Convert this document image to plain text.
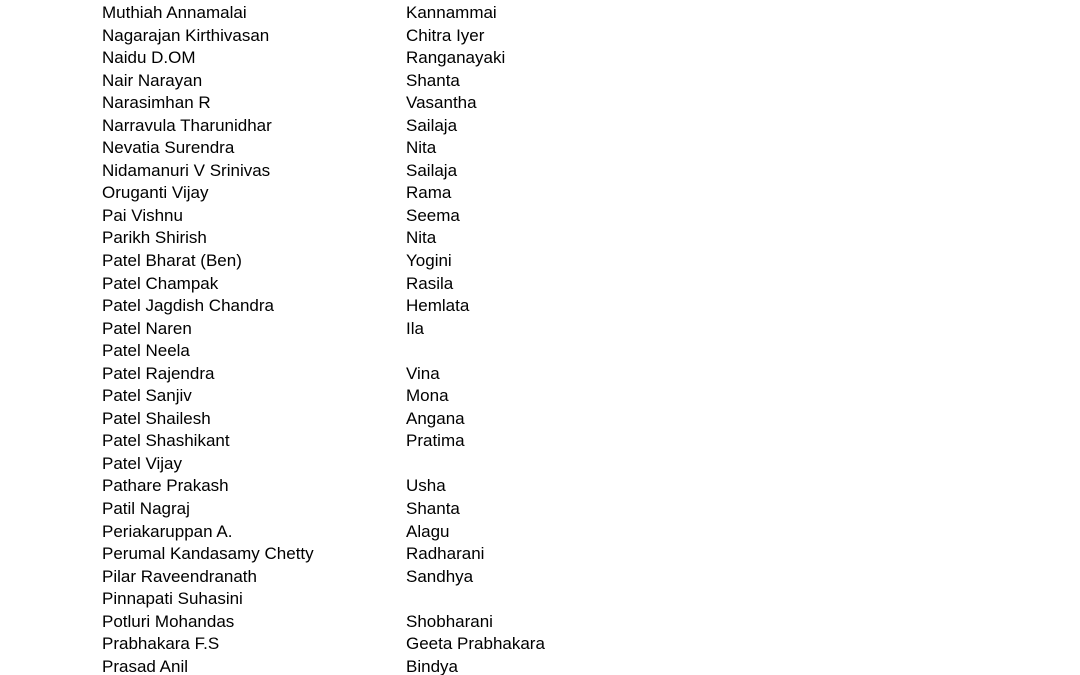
Muthiah Annamalai	Kannammai
Nagarajan Kirthivasan	Chitra Iyer
Naidu D.OM	Ranganayaki
Nair Narayan	Shanta
Narasimhan R	Vasantha
Narravula Tharunidhar	Sailaja
Nevatia Surendra	Nita
Nidamanuri V Srinivas	Sailaja
Oruganti Vijay	Rama
Pai Vishnu	Seema
Parikh Shirish	Nita
Patel Bharat (Ben)	Yogini
Patel Champak	Rasila
Patel Jagdish Chandra	Hemlata
Patel Naren	Ila
Patel Neela
Patel Rajendra	Vina
Patel Sanjiv	Mona
Patel Shailesh	Angana
Patel Shashikant	Pratima
Patel Vijay
Pathare Prakash	Usha
Patil Nagraj	Shanta
Periakaruppan A.	Alagu
Perumal Kandasamy Chetty	Radharani
Pilar Raveendranath	Sandhya
Pinnapati Suhasini
Potluri Mohandas	Shobharani
Prabhakara F.S	Geeta Prabhakara
Prasad Anil	Bindya
